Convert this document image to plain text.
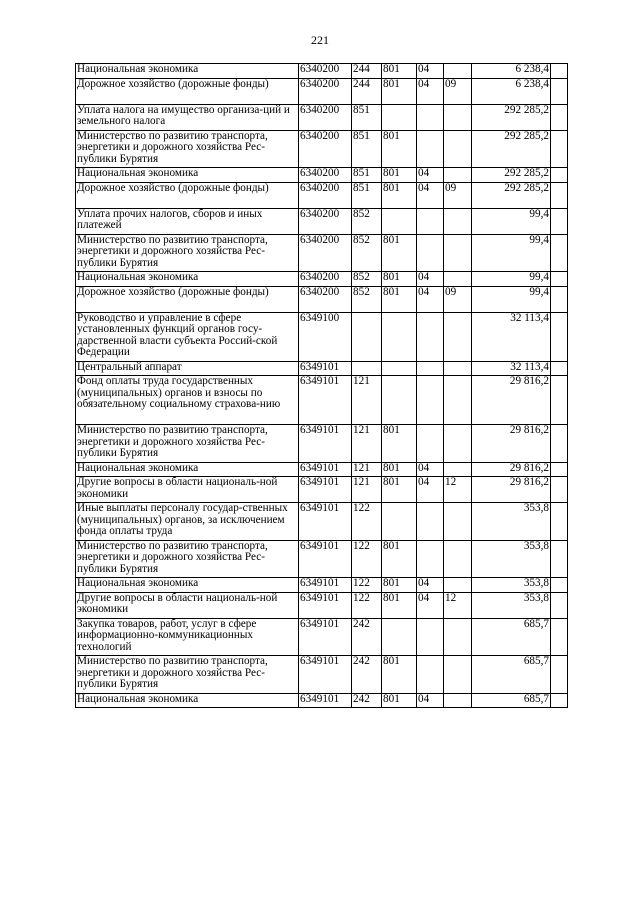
221
Национальная экономика	6340200	244	801	04		6 238,4	
Дорожное хозяйство (дорожные фонды)	6340200	244	801	04	09	6 238,4	
Уплата налога на имущество организа-ций и земельного налога	6340200	851				292 285,2	
Министерство по развитию транспорта, энергетики и дорожного хозяйства Рес-публики Бурятия	6340200	851	801			292 285,2	
Национальная экономика	6340200	851	801	04		292 285,2	
Дорожное хозяйство (дорожные фонды)	6340200	851	801	04	09	292 285,2	
Уплата прочих налогов, сборов и иных платежей	6340200	852				99,4	
Министерство по развитию транспорта, энергетики и дорожного хозяйства Рес-публики Бурятия	6340200	852	801			99,4	
Национальная экономика	6340200	852	801	04		99,4	
Дорожное хозяйство (дорожные фонды)	6340200	852	801	04	09	99,4	
Руководство и управление в сфере установленных функций органов госу-дарственной власти субъекта Россий-ской Федерации	6349100					32 113,4	
Центральный аппарат	6349101					32 113,4	
Фонд оплаты труда государственных (муниципальных) органов и взносы по обязательному социальному страхова-нию	6349101	121				29 816,2	
Министерство по развитию транспорта, энергетики и дорожного хозяйства Рес-публики Бурятия	6349101	121	801			29 816,2	
Национальная экономика	6349101	121	801	04		29 816,2	
Другие вопросы в области националь-ной экономики	6349101	121	801	04	12	29 816,2	
Иные выплаты персоналу государ-ственных (муниципальных) органов, за исключением фонда оплаты труда	6349101	122				353,8	
Министерство по развитию транспорта, энергетики и дорожного хозяйства Рес-публики Бурятия	6349101	122	801			353,8	
Национальная экономика	6349101	122	801	04		353,8	
Другие вопросы в области националь-ной экономики	6349101	122	801	04	12	353,8	
Закупка товаров, работ, услуг в сфере информационно-коммуникационных технологий	6349101	242				685,7	
Министерство по развитию транспорта, энергетики и дорожного хозяйства Рес-публики Бурятия	6349101	242	801			685,7	
Национальная экономика	6349101	242	801	04		685,7	
